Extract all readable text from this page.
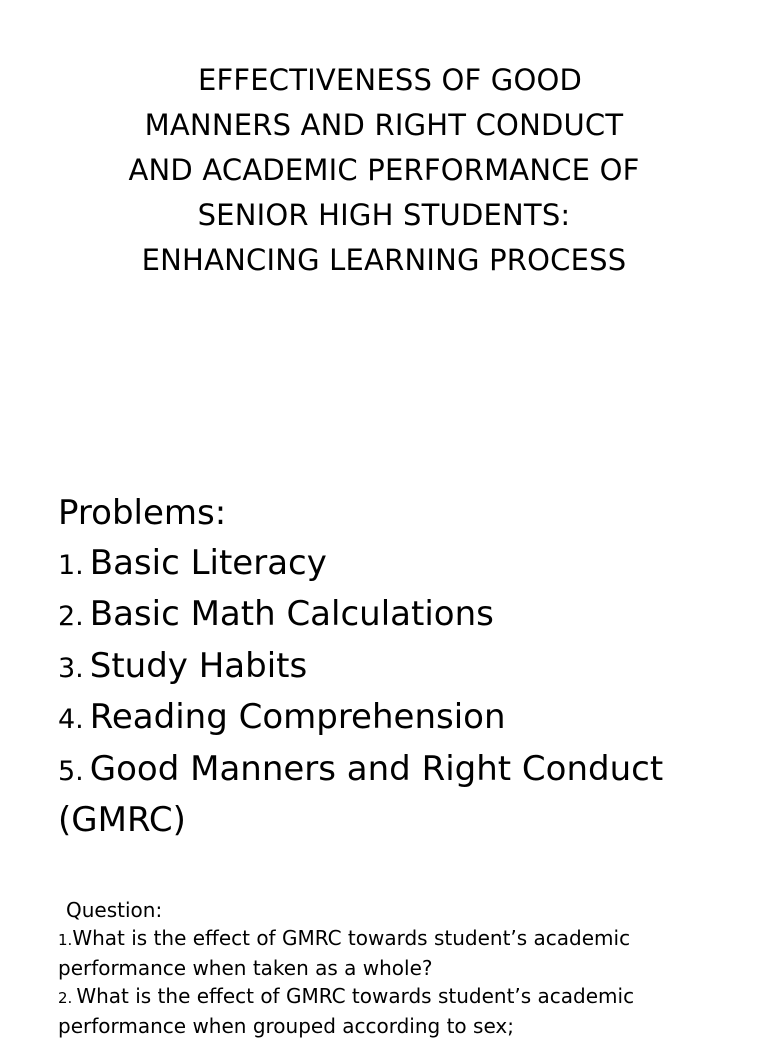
EFFECTIVENESS OF GOOD
MANNERS AND RIGHT CONDUCT
AND ACADEMIC PERFORMANCE OF
SENIOR HIGH STUDENTS:
ENHANCING LEARNING PROCESS
Problems:
1. Basic Literacy
2. Basic Math Calculations
3. Study Habits
4. Reading Comprehension
5. Good Manners and Right Conduct
(GMRC)
Question:
1.What is the effect of GMRC towards student’s academic
performance when taken as a whole?
2. What is the effect of GMRC towards student’s academic
performance when grouped according to sex;
